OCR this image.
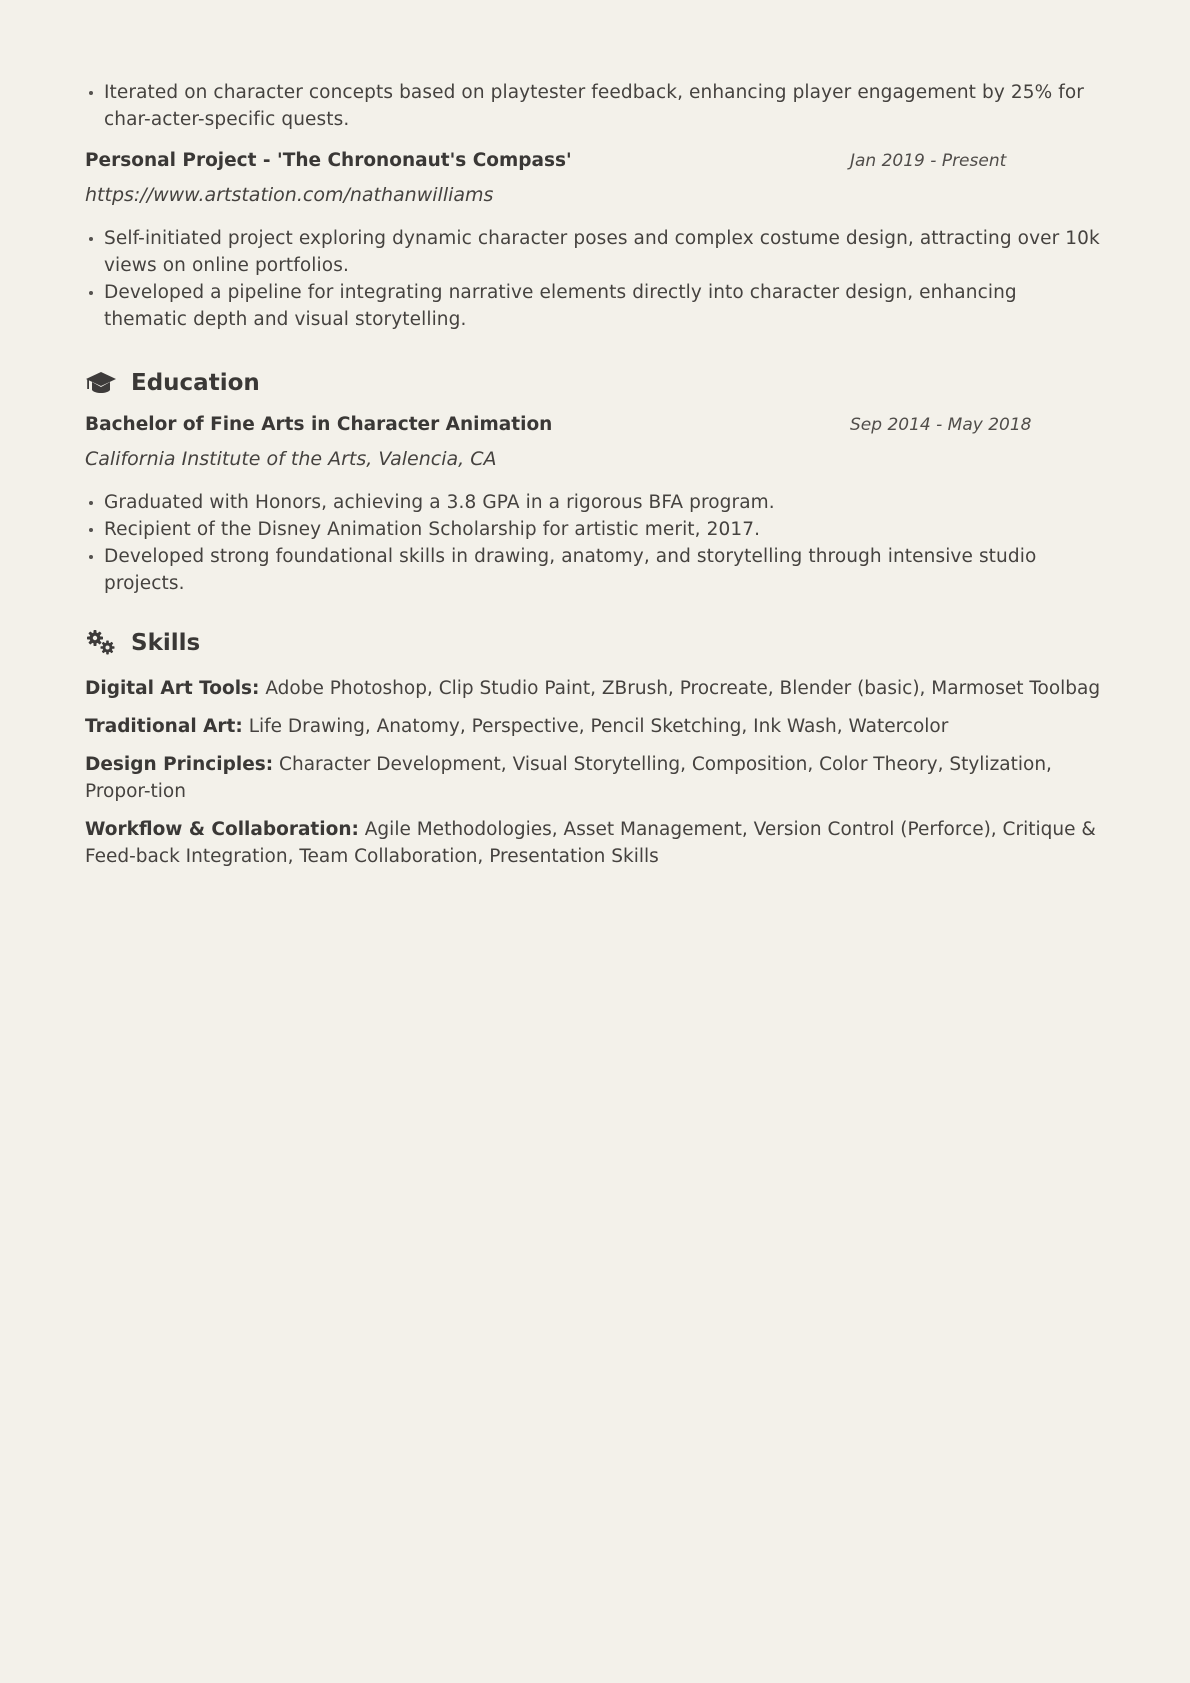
Iterated on character concepts based on playtester feedback, enhancing player engagement by 25% for char-acter-specific quests.
Personal Project - 'The Chrononaut's Compass'	Jan 2019 - Present
https://www.artstation.com/nathanwilliams
Self-initiated project exploring dynamic character poses and complex costume design, attracting over 10k views on online portfolios.
Developed a pipeline for integrating narrative elements directly into character design, enhancing thematic depth and visual storytelling.
Education
Bachelor of Fine Arts in Character Animation	Sep 2014 - May 2018
California Institute of the Arts, Valencia, CA
Graduated with Honors, achieving a 3.8 GPA in a rigorous BFA program.
Recipient of the Disney Animation Scholarship for artistic merit, 2017.
Developed strong foundational skills in drawing, anatomy, and storytelling through intensive studio projects.
Skills

Digital Art Tools: Adobe Photoshop, Clip Studio Paint, ZBrush, Procreate, Blender (basic), Marmoset Toolbag

Traditional Art: Life Drawing, Anatomy, Perspective, Pencil Sketching, Ink Wash, Watercolor

Design Principles: Character Development, Visual Storytelling, Composition, Color Theory, Stylization, Propor-tion

Workflow & Collaboration: Agile Methodologies, Asset Management, Version Control (Perforce), Critique & Feed-back Integration, Team Collaboration, Presentation Skills
